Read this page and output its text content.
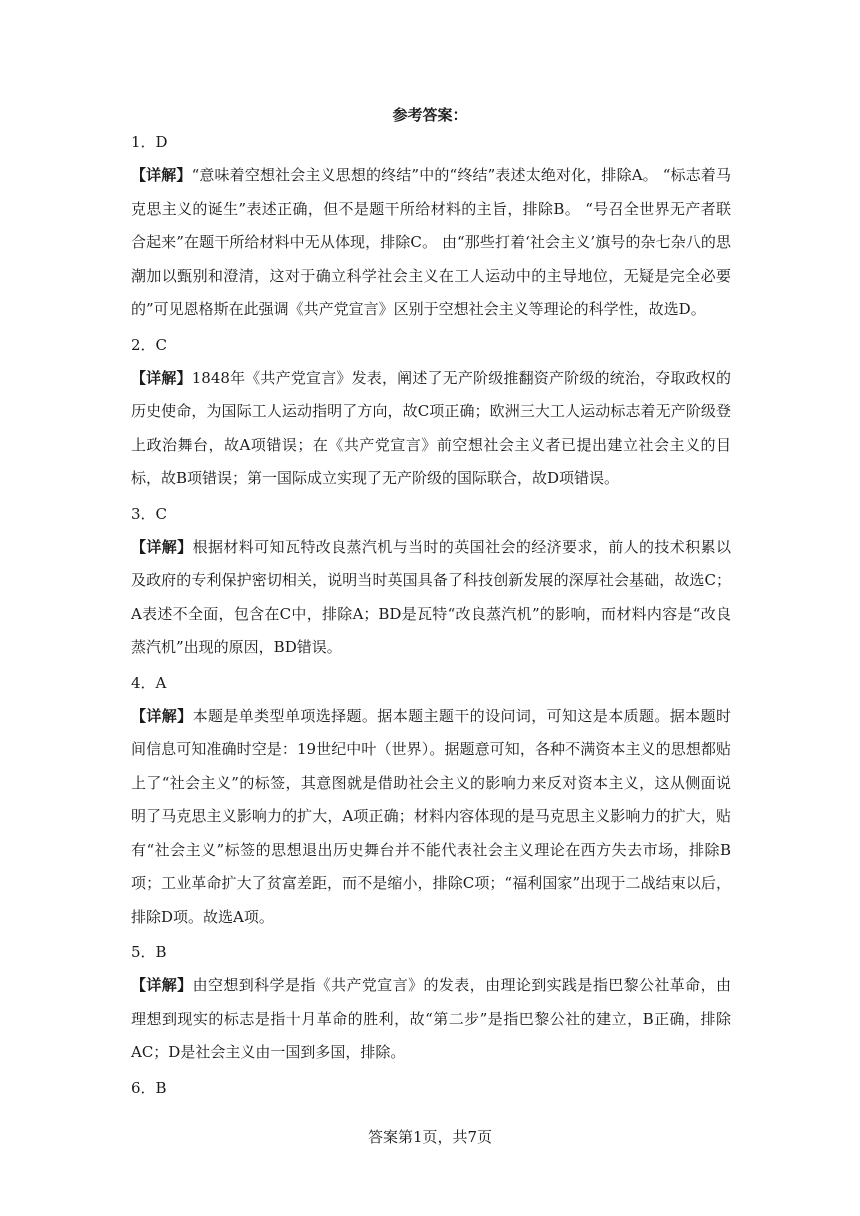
参考答案：

1．D

【详解】“意味着空想社会主义思想的终结”中的“终结”表述太绝对化，排除A。 “标志着马克思主义的诞生”表述正确，但不是题干所给材料的主旨，排除B。 “号召全世界无产者联合起来”在题干所给材料中无从体现，排除C。 由“那些打着‘社会主义’旗号的杂七杂八的思潮加以甄别和澄清，这对于确立科学社会主义在工人运动中的主导地位，无疑是完全必要的”可见恩格斯在此强调《共产党宣言》区别于空想社会主义等理论的科学性，故选D。

2．C

【详解】1848年《共产党宣言》发表，阐述了无产阶级推翻资产阶级的统治，夺取政权的历史使命，为国际工人运动指明了方向，故C项正确；欧洲三大工人运动标志着无产阶级登上政治舞台，故A项错误；在《共产党宣言》前空想社会主义者已提出建立社会主义的目标，故B项错误；第一国际成立实现了无产阶级的国际联合，故D项错误。

3．C

【详解】根据材料可知瓦特改良蒸汽机与当时的英国社会的经济要求，前人的技术积累以及政府的专利保护密切相关，说明当时英国具备了科技创新发展的深厚社会基础，故选C；A表述不全面，包含在C中，排除A；BD是瓦特“改良蒸汽机”的影响，而材料内容是“改良蒸汽机”出现的原因，BD错误。

4．A

【详解】本题是单类型单项选择题。据本题主题干的设问词，可知这是本质题。据本题时间信息可知准确时空是：19世纪中叶（世界）。据题意可知，各种不满资本主义的思想都贴上了“社会主义”的标签，其意图就是借助社会主义的影响力来反对资本主义，这从侧面说明了马克思主义影响力的扩大，A项正确；材料内容体现的是马克思主义影响力的扩大，贴有“社会主义”标签的思想退出历史舞台并不能代表社会主义理论在西方失去市场，排除B项；工业革命扩大了贫富差距，而不是缩小，排除C项；“福利国家”出现于二战结束以后，排除D项。故选A项。

5．B

【详解】由空想到科学是指《共产党宣言》的发表，由理论到实践是指巴黎公社革命，由理想到现实的标志是指十月革命的胜利，故“第二步”是指巴黎公社的建立，B正确，排除AC；D是社会主义由一国到多国，排除。

6．B

答案第1页，共7页
